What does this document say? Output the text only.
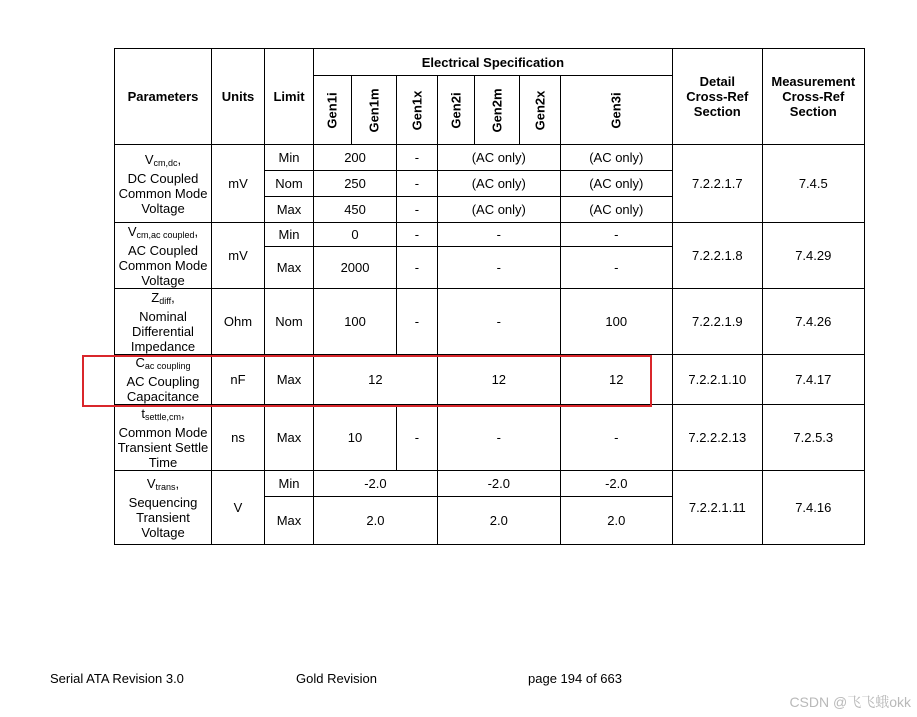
Parameters	Units	Limit	Electrical Specification							Detail
Cross-Ref
Section	Measurement
Cross-Ref
Section
			Gen1i	Gen1m	Gen1x	Gen2i	Gen2m	Gen2x	Gen3i		
$V_{cm,dc}$,
DC Coupled
Common Mode
Voltage	mV	Min	200		-	(AC only)			(AC only)	7.2.2.1.7	7.4.5
		Nom	250		-	(AC only)			(AC only)		
		Max	450		-	(AC only)			(AC only)		
$V_{cm,ac coupled}$,
AC Coupled
Common Mode
Voltage	mV	Min	0		-	-			-	7.2.2.1.8	7.4.29
		Max	2000		-	-			-		
$Z_{diff}$,
Nominal
Differential
Impedance	Ohm	Nom	100		-	-			100	7.2.2.1.9	7.4.26
$C_{ac coupling}$
AC Coupling
Capacitance	nF	Max	12			12			12	7.2.2.1.10	7.4.17
$t_{settle,cm}$,
Common Mode
Transient Settle
Time	ns	Max	10		-	-			-	7.2.2.2.13	7.2.5.3
$V_{trans}$,
Sequencing
Transient
Voltage	V	Min	-2.0			-2.0			-2.0	7.2.2.1.11	7.4.16
		Max	2.0			2.0			2.0		
Serial ATA Revision 3.0	Gold Revision	page 194 of 663
CSDN @飞飞蛾okk
